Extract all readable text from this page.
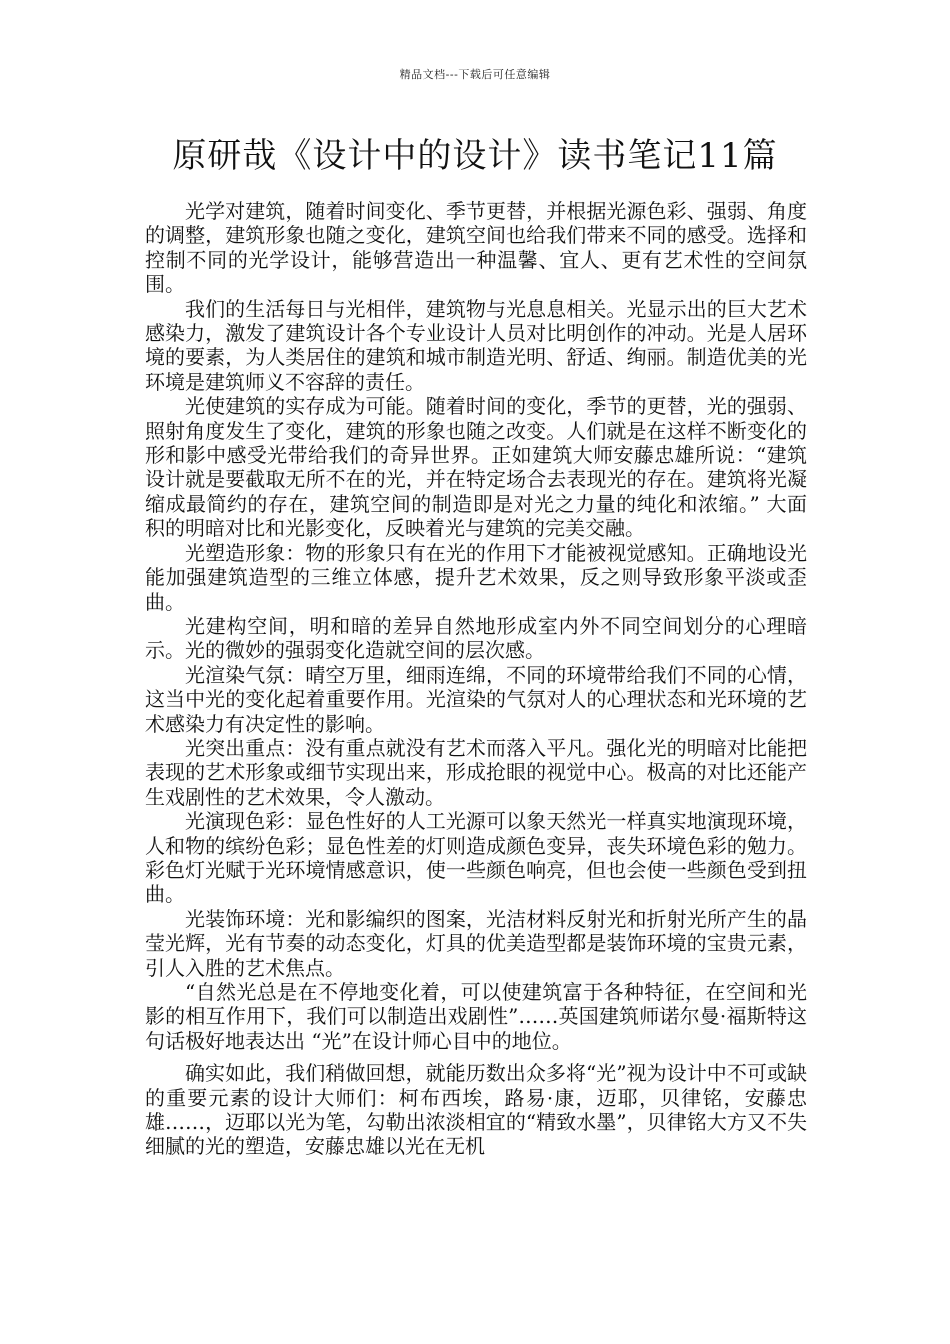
精品文档---下载后可任意编辑
原研哉《设计中的设计》读书笔记11篇

光学对建筑，随着时间变化、季节更替，并根据光源色彩、强弱、角度的调整，建筑形象也随之变化，建筑空间也给我们带来不同的感受。选择和控制不同的光学设计，能够营造出一种温馨、宜人、更有艺术性的空间氛围。

我们的生活每日与光相伴，建筑物与光息息相关。光显示出的巨大艺术感染力，激发了建筑设计各个专业设计人员对比明创作的冲动。光是人居环境的要素，为人类居住的建筑和城市制造光明、舒适、绚丽。制造优美的光环境是建筑师义不容辞的责任。

光使建筑的实存成为可能。随着时间的变化，季节的更替，光的强弱、照射角度发生了变化，建筑的形象也随之改变。人们就是在这样不断变化的形和影中感受光带给我们的奇异世界。正如建筑大师安藤忠雄所说：“建筑设计就是要截取无所不在的光，并在特定场合去表现光的存在。建筑将光凝缩成最简约的存在，建筑空间的制造即是对光之力量的纯化和浓缩。” 大面积的明暗对比和光影变化，反映着光与建筑的完美交融。

光塑造形象：物的形象只有在光的作用下才能被视觉感知。正确地设光能加强建筑造型的三维立体感，提升艺术效果，反之则导致形象平淡或歪曲。

光建构空间，明和暗的差异自然地形成室内外不同空间划分的心理暗示。光的微妙的强弱变化造就空间的层次感。

光渲染气氛：晴空万里，细雨连绵，不同的环境带给我们不同的心情，这当中光的变化起着重要作用。光渲染的气氛对人的心理状态和光环境的艺术感染力有决定性的影响。

光突出重点：没有重点就没有艺术而落入平凡。强化光的明暗对比能把表现的艺术形象或细节实现出来，形成抢眼的视觉中心。极高的对比还能产生戏剧性的艺术效果，令人激动。

光演现色彩：显色性好的人工光源可以象天然光一样真实地演现环境，人和物的缤纷色彩；显色性差的灯则造成颜色变异，丧失环境色彩的勉力。彩色灯光赋于光环境情感意识，使一些颜色响亮，但也会使一些颜色受到扭曲。

光装饰环境：光和影编织的图案，光洁材料反射光和折射光所产生的晶莹光辉，光有节奏的动态变化，灯具的优美造型都是装饰环境的宝贵元素，引人入胜的艺术焦点。

“自然光总是在不停地变化着，可以使建筑富于各种特征，在空间和光影的相互作用下，我们可以制造出戏剧性”……英国建筑师诺尔曼·福斯特这句话极好地表达出 “光”在设计师心目中的地位。

确实如此，我们稍做回想，就能历数出众多将“光”视为设计中不可或缺的重要元素的设计大师们：柯布西埃，路易·康，迈耶，贝律铭，安藤忠雄……，迈耶以光为笔，勾勒出浓淡相宜的“精致水墨”，贝律铭大方又不失细腻的光的塑造，安藤忠雄以光在无机
